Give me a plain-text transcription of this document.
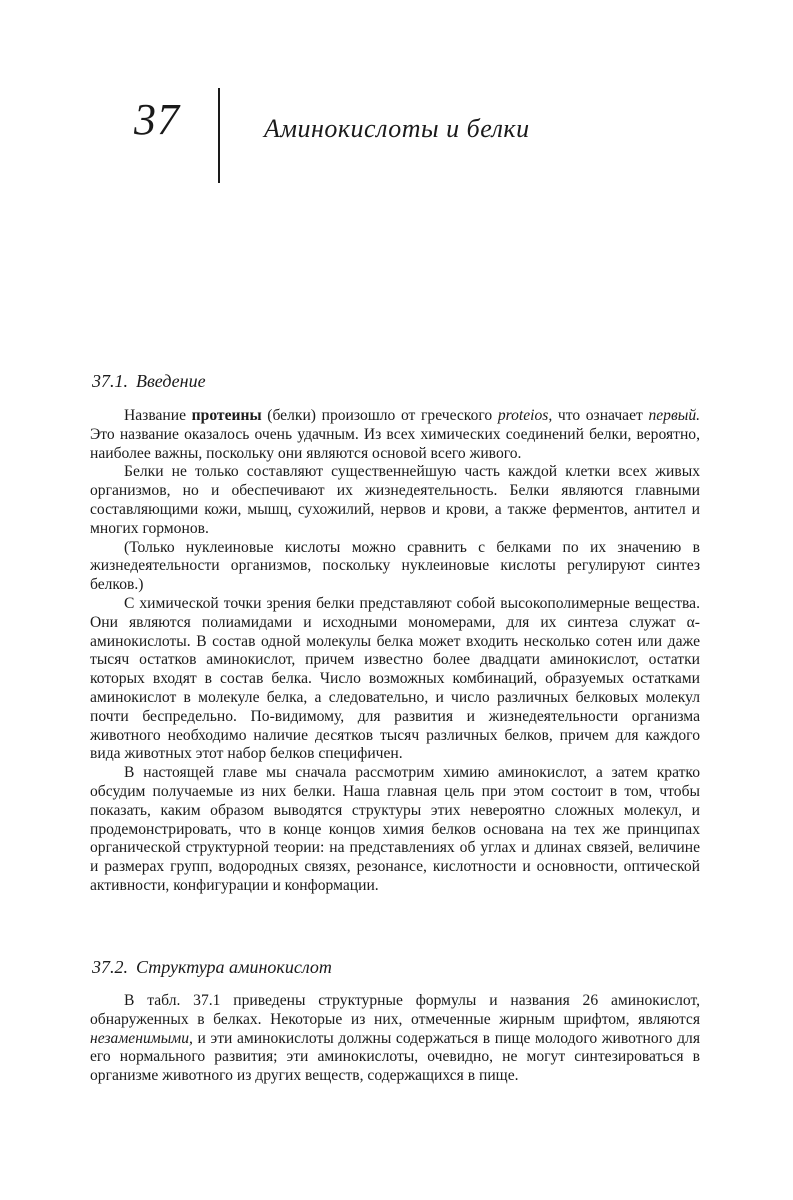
37	Аминокислоты и белки
37.1. Введение

Название протеины (белки) произошло от греческого proteios, что означает первый. Это название оказалось очень удачным. Из всех химических соединений белки, вероятно, наиболее важны, поскольку они являются основой всего живого.

Белки не только составляют существеннейшую часть каждой клетки всех живых организмов, но и обеспечивают их жизнедеятельность. Белки являются главными составляющими кожи, мышц, сухожилий, нервов и крови, а также ферментов, антител и многих гормонов.

(Только нуклеиновые кислоты можно сравнить с белками по их значению в жизнедеятельности организмов, поскольку нуклеиновые кислоты регулируют синтез белков.)

С химической точки зрения белки представляют собой высокополимерные вещества. Они являются полиамидами и исходными мономерами, для их синтеза служат α-аминокислоты. В состав одной молекулы белка может входить несколько сотен или даже тысяч остатков аминокислот, причем известно более двадцати аминокислот, остатки которых входят в состав белка. Число возможных комбинаций, образуемых остатками аминокислот в молекуле белка, а следовательно, и число различных белковых молекул почти беспредельно. По-видимому, для развития и жизнедеятельности организма животного необходимо наличие десятков тысяч различных белков, причем для каждого вида животных этот набор белков специфичен.

В настоящей главе мы сначала рассмотрим химию аминокислот, а затем кратко обсудим получаемые из них белки. Наша главная цель при этом состоит в том, чтобы показать, каким образом выводятся структуры этих невероятно сложных молекул, и продемонстрировать, что в конце концов химия белков основана на тех же принципах органической структурной теории: на представлениях об углах и длинах связей, величине и размерах групп, водородных связях, резонансе, кислотности и основности, оптической активности, конфигурации и конформации.

37.2. Структура аминокислот

В табл. 37.1 приведены структурные формулы и названия 26 аминокислот, обнаруженных в белках. Некоторые из них, отмеченные жирным шрифтом, являются незаменимыми, и эти аминокислоты должны содержаться в пище молодого животного для его нормального развития; эти аминокислоты, очевидно, не могут синтезироваться в организме животного из других веществ, содержащихся в пище.
